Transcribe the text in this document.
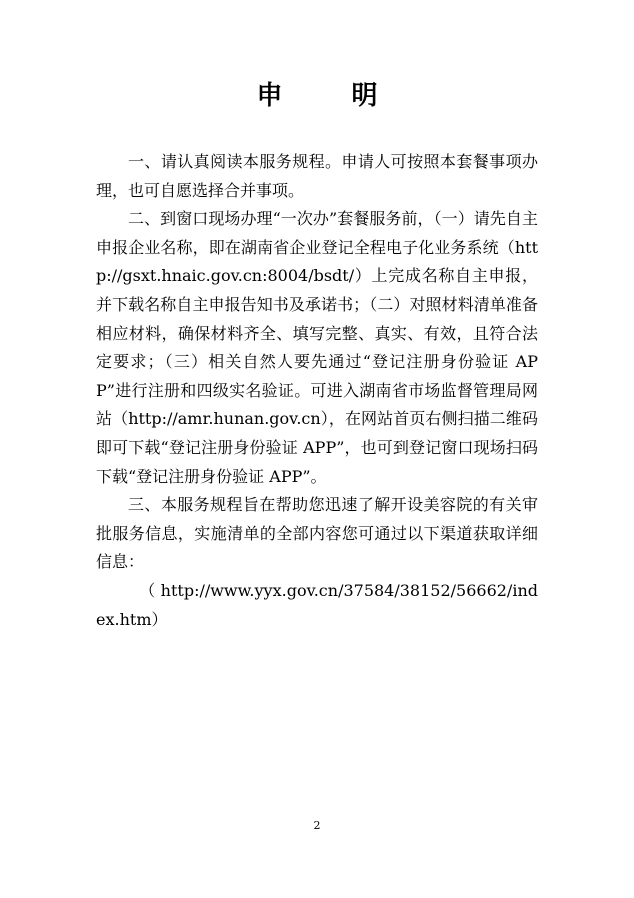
申 明

一、请认真阅读本服务规程。申请人可按照本套餐事项办理，也可自愿选择合并事项。

二、到窗口现场办理“一次办”套餐服务前，（一）请先自主申报企业名称，即在湖南省企业登记全程电子化业务系统（http://gsxt.hnaic.gov.cn:8004/bsdt/）上完成名称自主申报，并下载名称自主申报告知书及承诺书；（二）对照材料清单准备相应材料，确保材料齐全、填写完整、真实、有效，且符合法定要求；（三）相关自然人要先通过“登记注册身份验证 APP”进行注册和四级实名验证。可进入湖南省市场监督管理局网站（http://amr.hunan.gov.cn），在网站首页右侧扫描二维码即可下载“登记注册身份验证 APP”，也可到登记窗口现场扫码下载“登记注册身份验证 APP”。

三、本服务规程旨在帮助您迅速了解开设美容院的有关审批服务信息，实施清单的全部内容您可通过以下渠道获取详细信息：

（http://www.yyx.gov.cn/37584/38152/56662/index.htm）

2
